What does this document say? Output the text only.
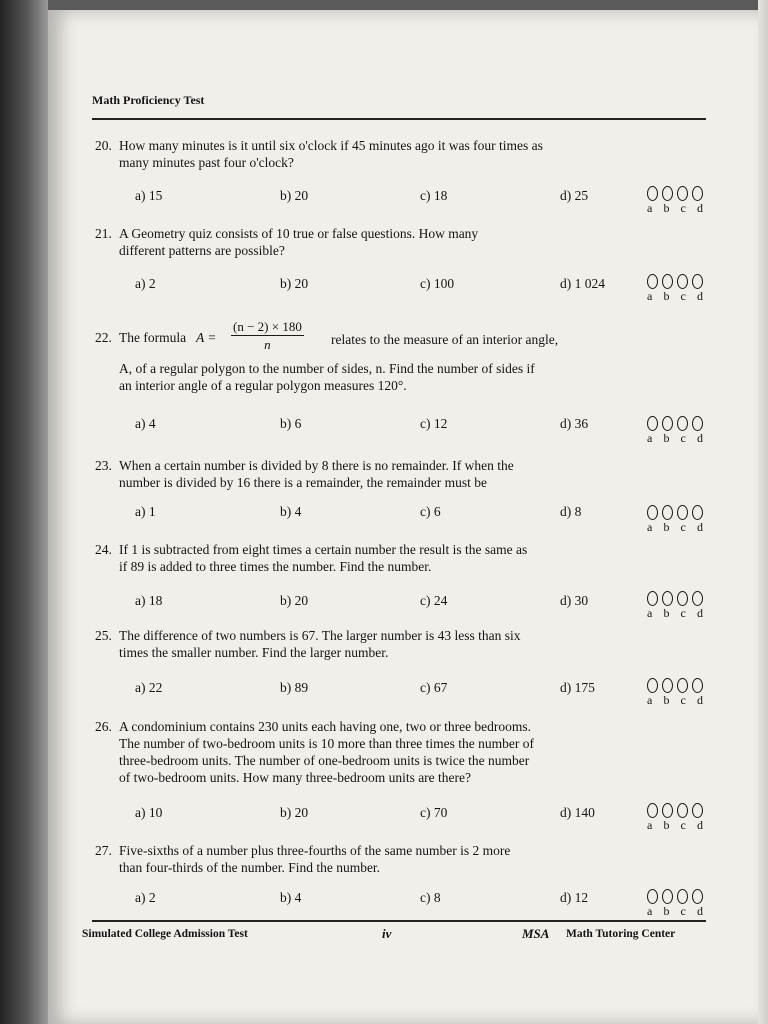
Math Proficiency Test
20. How many minutes is it until six o'clock if 45 minutes ago it was four times as
many minutes past four o'clock?
a) 15	b) 20	c) 18	d) 25
a b c d
21. A Geometry quiz consists of 10 true or false questions. How many
different patterns are possible?
a) 2	b) 20	c) 100	d) 1 024
a b c d
22. The formula $A = \frac{(n - 2) \times 180}{n}$ relates to the measure of an interior angle,
A, of a regular polygon to the number of sides, n. Find the number of sides if
an interior angle of a regular polygon measures 120°.
a) 4	b) 6	c) 12	d) 36
a b c d
23. When a certain number is divided by 8 there is no remainder. If when the
number is divided by 16 there is a remainder, the remainder must be
a) 1	b) 4	c) 6	d) 8
a b c d
24. If 1 is subtracted from eight times a certain number the result is the same as
if 89 is added to three times the number. Find the number.
a) 18	b) 20	c) 24	d) 30
a b c d
25. The difference of two numbers is 67. The larger number is 43 less than six
times the smaller number. Find the larger number.
a) 22	b) 89	c) 67	d) 175
a b c d
26. A condominium contains 230 units each having one, two or three bedrooms.
The number of two-bedroom units is 10 more than three times the number of
three-bedroom units. The number of one-bedroom units is twice the number
of two-bedroom units. How many three-bedroom units are there?
a) 10	b) 20	c) 70	d) 140
a b c d
27. Five-sixths of a number plus three-fourths of the same number is 2 more
than four-thirds of the number. Find the number.
a) 2	b) 4	c) 8	d) 12
a b c d
Simulated College Admission Test	iv	MSA Math Tutoring Center
